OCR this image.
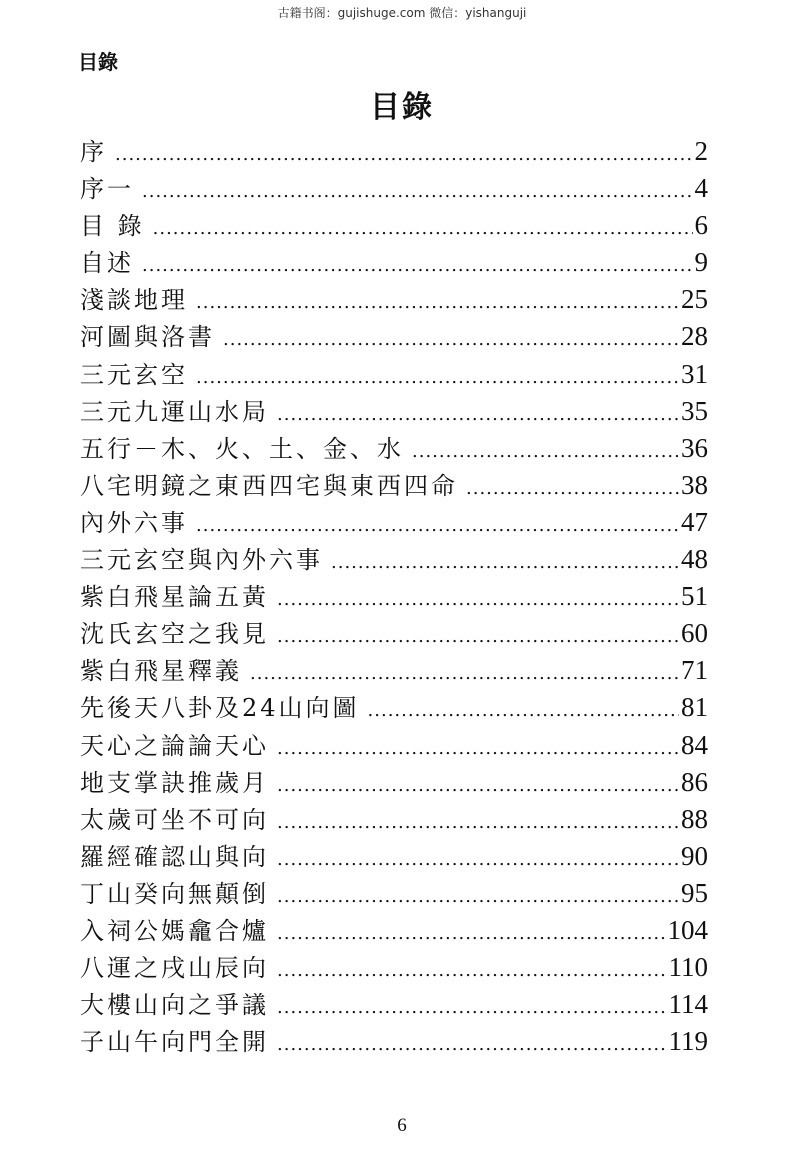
古籍书阁：gujishuge.com 微信：yishanguji
目錄
目錄
序 .....	2
序一 .....	4
目 錄 .....	6
自述 .....	9
淺談地理 .....	25
河圖與洛書 .....	28
三元玄空 .....	31
三元九運山水局 .....	35
五行－木、火、土、金、水 .....	36
八宅明鏡之東西四宅與東西四命 .....	38
內外六事 .....	47
三元玄空與內外六事 .....	48
紫白飛星論五黃 .....	51
沈氏玄空之我見 .....	60
紫白飛星釋義 .....	71
先後天八卦及24山向圖 .....	81
天心之論論天心 .....	84
地支掌訣推歲月 .....	86
太歲可坐不可向 .....	88
羅經確認山與向 .....	90
丁山癸向無顛倒 .....	95
入祠公媽龕合爐 .....	104
八運之戌山辰向 .....	110
大樓山向之爭議 .....	114
子山午向門全開 .....	119
6
